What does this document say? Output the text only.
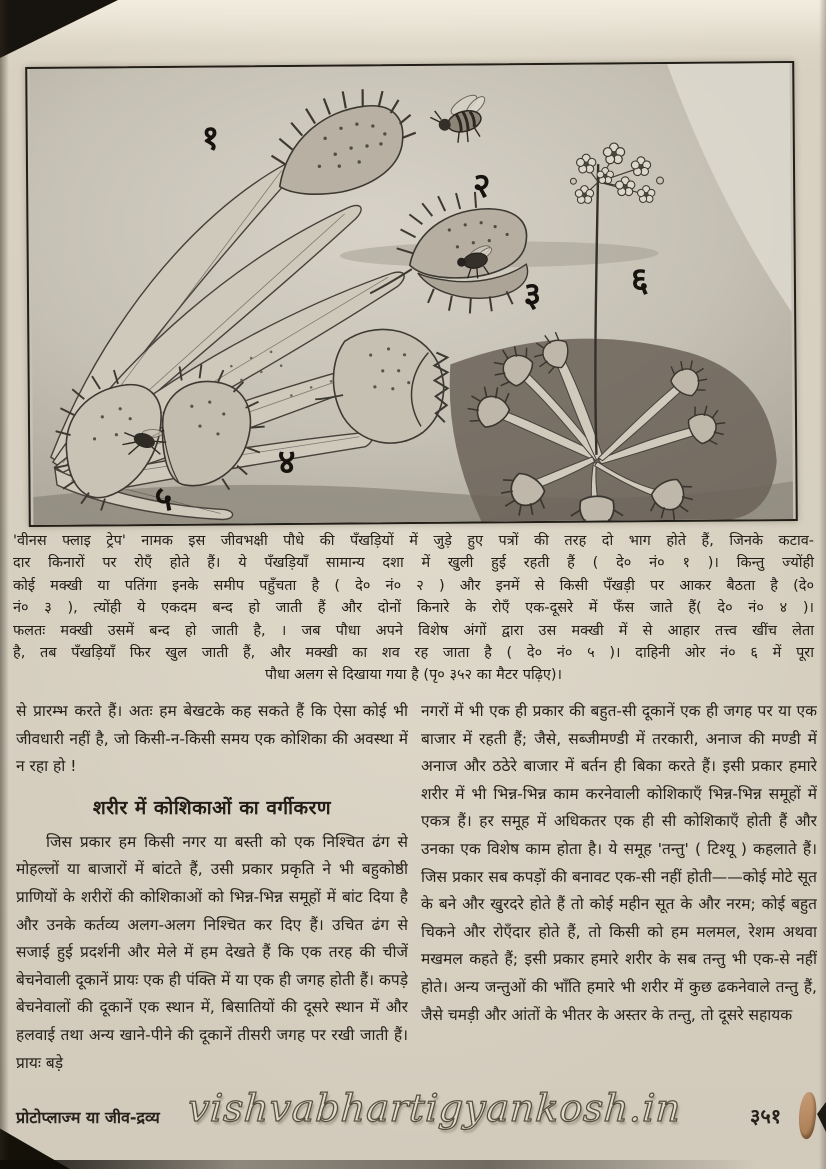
१
२
३
४
५
६

'वीनस फ्लाइ ट्रेप' नामक इस जीवभक्षी पौधे की पँखड़ियों में जुड़े हुए पत्रों की तरह दो भाग होते हैं, जिनके कटाव-

दार किनारों पर रोएँ होते हैं। ये पँखड़ियाँ सामान्य दशा में खुली हुई रहती हैं ( दे० नं० १ )। किन्तु ज्योंही

कोई मक्खी या पतिंगा इनके समीप पहुँचता है ( दे० नं० २ ) और इनमें से किसी पँखड़ी पर आकर बैठता है (दे०

नं० ३ ), त्योंही ये एकदम बन्द हो जाती हैं और दोनों किनारे के रोएँ एक-दूसरे में फँस जाते हैं( दे० नं० ४ )।

फलतः मक्खी उसमें बन्द हो जाती है, । जब पौधा अपने विशेष अंगों द्वारा उस मक्खी में से आहार तत्त्व खींच लेता

है, तब पँखड़ियाँ फिर खुल जाती हैं, और मक्खी का शव रह जाता है ( दे० नं० ५ )। दाहिनी ओर नं० ६ में पूरा

पौधा अलग से दिखाया गया है (पृ० ३५२ का मैटर पढ़िए)।

से प्रारम्भ करते हैं। अतः हम बेखटके कह सकते हैं कि ऐसा कोई भी जीवधारी नहीं है, जो किसी-न-किसी समय एक कोशिका की अवस्था में न रहा हो !

शरीर में कोशिकाओं का वर्गीकरण

जिस प्रकार हम किसी नगर या बस्ती को एक निश्चित ढंग से मोहल्लों या बाजारों में बांटते हैं, उसी प्रकार प्रकृति ने भी बहुकोष्ठी प्राणियों के शरीरों की कोशिकाओं को भिन्न-भिन्न समूहों में बांट दिया है और उनके कर्तव्य अलग-अलग निश्चित कर दिए हैं। उचित ढंग से सजाई हुई प्रदर्शनी और मेले में हम देखते हैं कि एक तरह की चीजें बेचनेवाली दूकानें प्रायः एक ही पंक्ति में या एक ही जगह होती हैं। कपड़े बेचनेवालों की दूकानें एक स्थान में, बिसातियों की दूसरे स्थान में और हलवाई तथा अन्य खाने-पीने की दूकानें तीसरी जगह पर रखी जाती हैं। प्रायः बड़े

नगरों में भी एक ही प्रकार की बहुत-सी दूकानें एक ही जगह पर या एक बाजार में रहती हैं; जैसे, सब्जीमण्डी में तरकारी, अनाज की मण्डी में अनाज और ठठेरे बाजार में बर्तन ही बिका करते हैं। इसी प्रकार हमारे शरीर में भी भिन्न-भिन्न काम करनेवाली कोशिकाएँ भिन्न-भिन्न समूहों में एकत्र हैं। हर समूह में अधिकतर एक ही सी कोशिकाएँ होती हैं और उनका एक विशेष काम होता है। ये समूह 'तन्तु' ( टिश्यू ) कहलाते हैं। जिस प्रकार सब कपड़ों की बनावट एक-सी नहीं होती——कोई मोटे सूत के बने और खुरदरे होते हैं तो कोई महीन सूत के और नरम; कोई बहुत चिकने और रोएँदार होते हैं, तो किसी को हम मलमल, रेशम अथवा मखमल कहते हैं; इसी प्रकार हमारे शरीर के सब तन्तु भी एक-से नहीं होते। अन्य जन्तुओं की भाँति हमारे भी शरीर में कुछ ढकनेवाले तन्तु हैं, जैसे चमड़ी और आंतों के भीतर के अस्तर के तन्तु, तो दूसरे सहायक

प्रोटोप्लाज्म या जीव-द्रव्य vishvabhartigyankosh.in	३५१
